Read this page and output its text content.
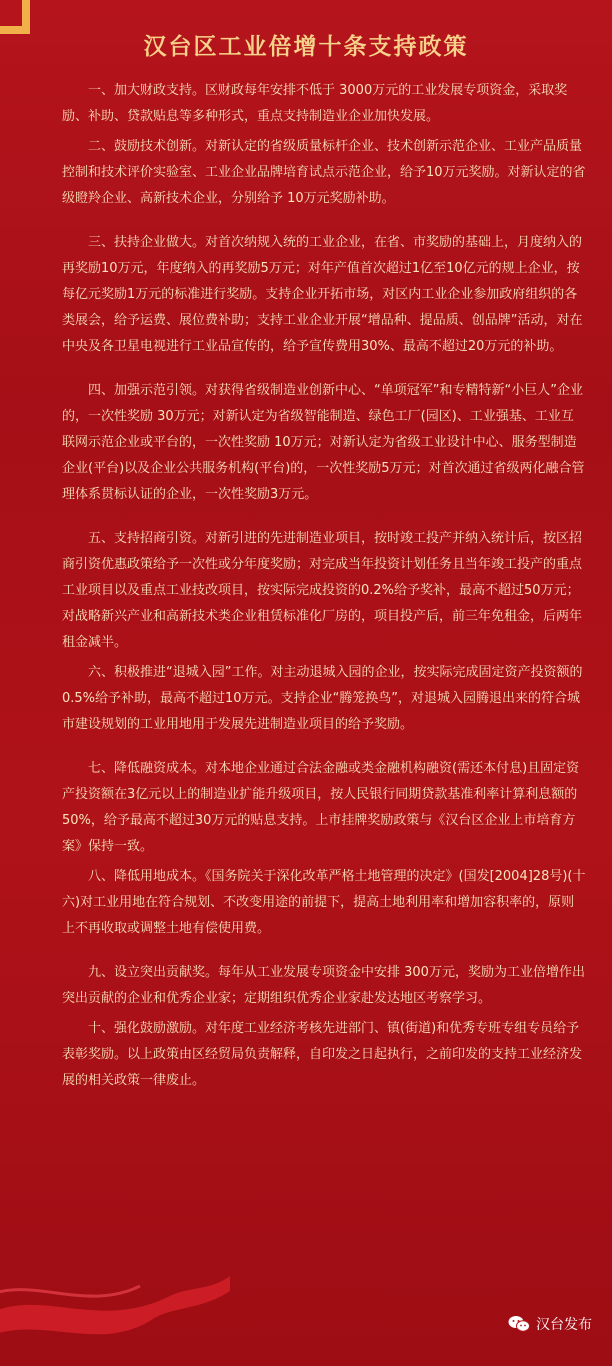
汉台区工业倍增十条支持政策

一、加大财政支持。区财政每年安排不低于 3000万元的工业发展专项资金，采取奖励、补助、贷款贴息等多种形式，重点支持制造业企业加快发展。

二、鼓励技术创新。对新认定的省级质量标杆企业、技术创新示范企业、工业产品质量控制和技术评价实验室、工业企业品牌培育试点示范企业，给予10万元奖励。对新认定的省级瞪羚企业、高新技术企业，分别给予 10万元奖励补助。

三、扶持企业做大。对首次纳规入统的工业企业，在省、市奖励的基础上，月度纳入的再奖励10万元，年度纳入的再奖励5万元；对年产值首次超过1亿至10亿元的规上企业，按每亿元奖励1万元的标准进行奖励。支持企业开拓市场，对区内工业企业参加政府组织的各类展会，给予运费、展位费补助；支持工业企业开展“增品种、提品质、创品牌”活动，对在中央及各卫星电视进行工业品宣传的，给予宣传费用30%、最高不超过20万元的补助。

四、加强示范引领。对获得省级制造业创新中心、“单项冠军”和专精特新“小巨人”企业的，一次性奖励 30万元；对新认定为省级智能制造、绿色工厂(园区)、工业强基、工业互联网示范企业或平台的，一次性奖励 10万元；对新认定为省级工业设计中心、服务型制造企业(平台)以及企业公共服务机构(平台)的，一次性奖励5万元；对首次通过省级两化融合管理体系贯标认证的企业，一次性奖励3万元。

五、支持招商引资。对新引进的先进制造业项目，按时竣工投产并纳入统计后，按区招商引资优惠政策给予一次性或分年度奖励；对完成当年投资计划任务且当年竣工投产的重点工业项目以及重点工业技改项目，按实际完成投资的0.2%给予奖补，最高不超过50万元；对战略新兴产业和高新技术类企业租赁标准化厂房的，项目投产后，前三年免租金，后两年租金减半。

六、积极推进“退城入园”工作。对主动退城入园的企业，按实际完成固定资产投资额的0.5%给予补助，最高不超过10万元。支持企业“腾笼换鸟”，对退城入园腾退出来的符合城市建设规划的工业用地用于发展先进制造业项目的给予奖励。

七、降低融资成本。对本地企业通过合法金融或类金融机构融资(需还本付息)且固定资产投资额在3亿元以上的制造业扩能升级项目，按人民银行同期贷款基准利率计算利息额的 50%，给予最高不超过30万元的贴息支持。上市挂牌奖励政策与《汉台区企业上市培育方案》保持一致。

八、降低用地成本。《国务院关于深化改革严格土地管理的决定》(国发[2004]28号)(十六)对工业用地在符合规划、不改变用途的前提下，提高土地利用率和增加容积率的，原则上不再收取或调整土地有偿使用费。

九、设立突出贡献奖。每年从工业发展专项资金中安排 300万元，奖励为工业倍增作出突出贡献的企业和优秀企业家；定期组织优秀企业家赴发达地区考察学习。

十、强化鼓励激励。对年度工业经济考核先进部门、镇(街道)和优秀专班专组专员给予表彰奖励。以上政策由区经贸局负责解释，自印发之日起执行，之前印发的支持工业经济发展的相关政策一律废止。

汉台发布
